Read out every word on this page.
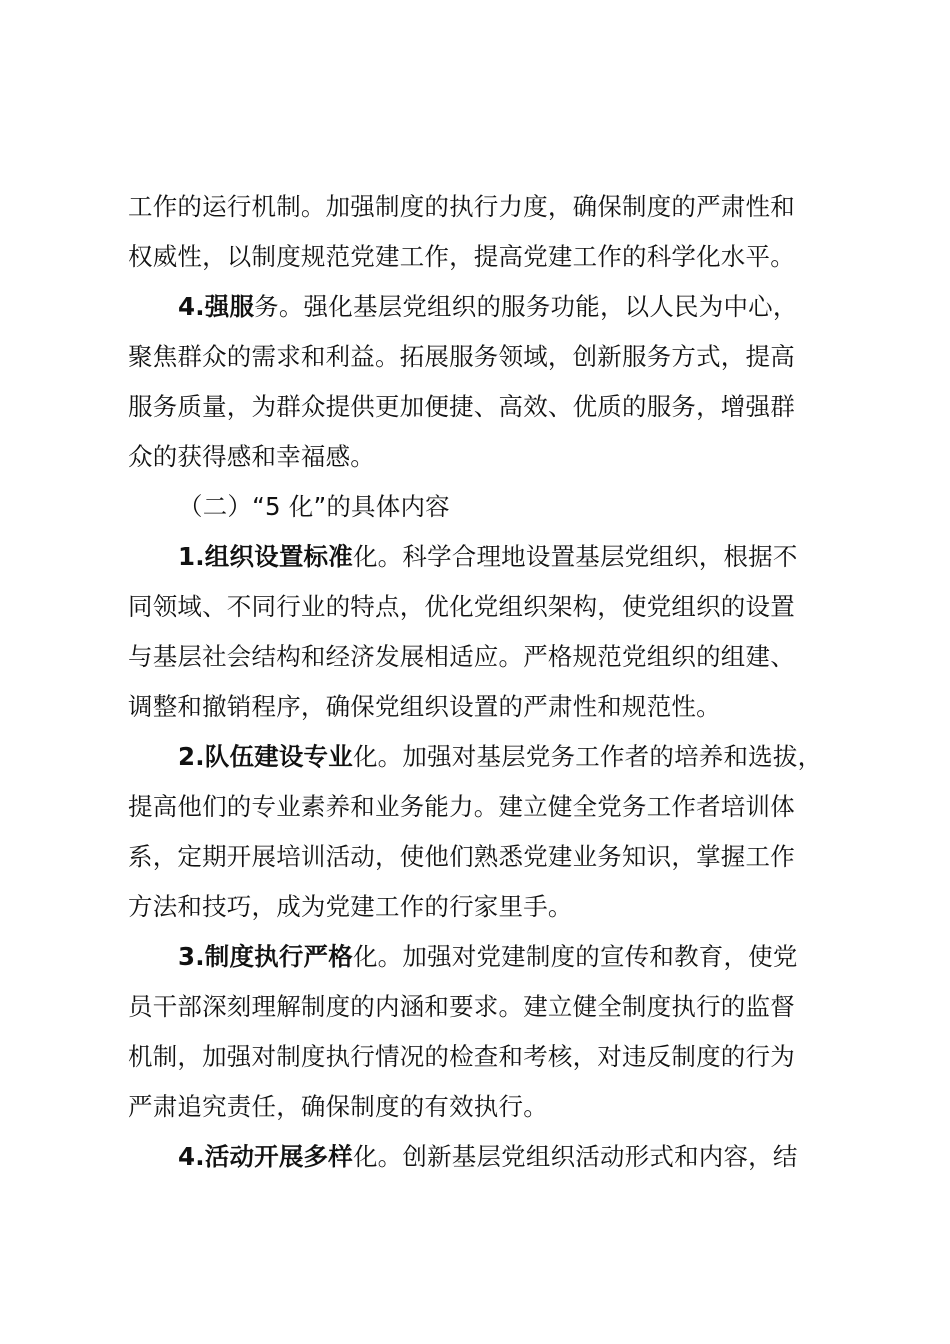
工作的运行机制。加强制度的执行力度，确保制度的严肃性和
权威性，以制度规范党建工作，提高党建工作的科学化水平。
4.强服务。强化基层党组织的服务功能，以人民为中心，
聚焦群众的需求和利益。拓展服务领域，创新服务方式，提高
服务质量，为群众提供更加便捷、高效、优质的服务，增强群
众的获得感和幸福感。
（二）“5 化”的具体内容
1.组织设置标准化。科学合理地设置基层党组织，根据不
同领域、不同行业的特点，优化党组织架构，使党组织的设置
与基层社会结构和经济发展相适应。严格规范党组织的组建、
调整和撤销程序，确保党组织设置的严肃性和规范性。
2.队伍建设专业化。加强对基层党务工作者的培养和选拔，
提高他们的专业素养和业务能力。建立健全党务工作者培训体
系，定期开展培训活动，使他们熟悉党建业务知识，掌握工作
方法和技巧，成为党建工作的行家里手。
3.制度执行严格化。加强对党建制度的宣传和教育，使党
员干部深刻理解制度的内涵和要求。建立健全制度执行的监督
机制，加强对制度执行情况的检查和考核，对违反制度的行为
严肃追究责任，确保制度的有效执行。
4.活动开展多样化。创新基层党组织活动形式和内容，结
